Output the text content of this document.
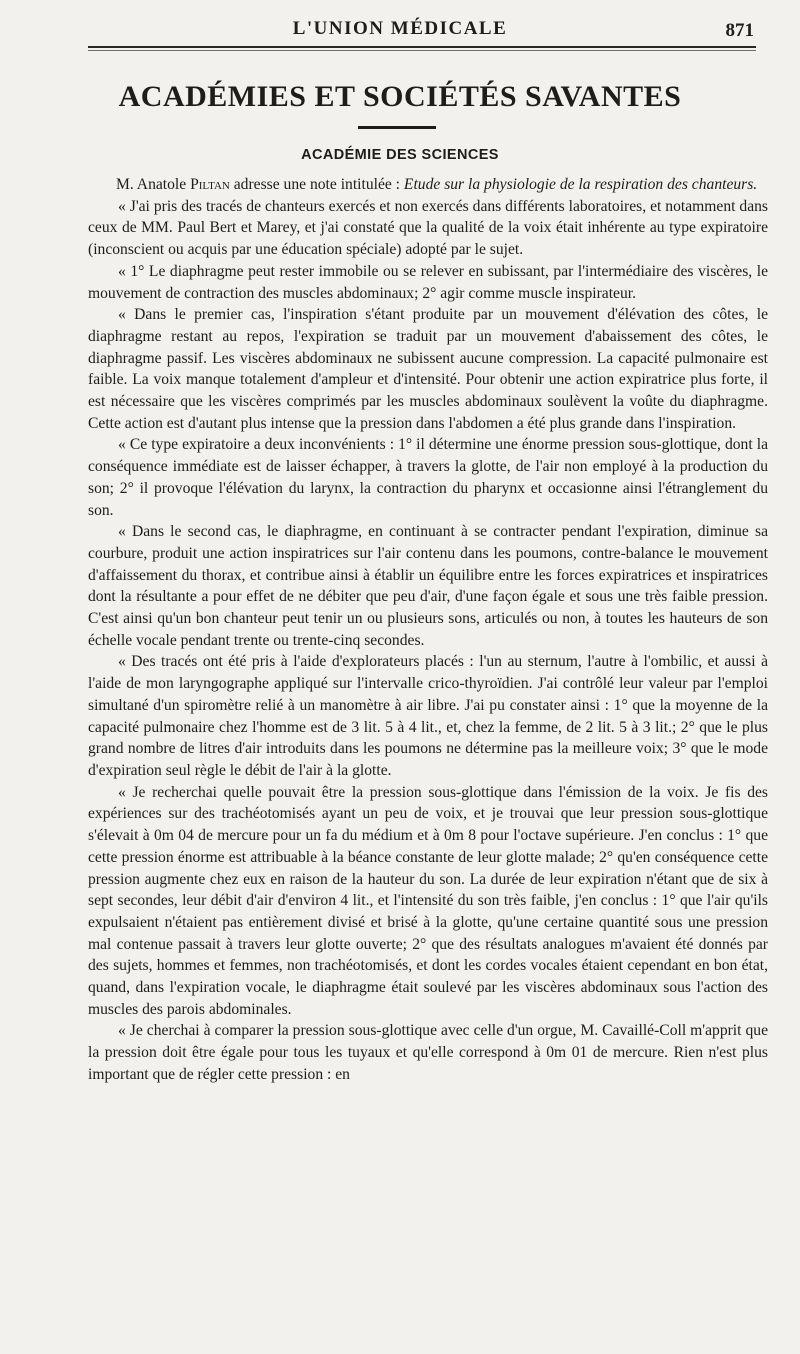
L'UNION MÉDICALE	871
ACADÉMIES ET SOCIÉTÉS SAVANTES
ACADÉMIE DES SCIENCES

M. Anatole Piltan adresse une note intitulée : Etude sur la physiologie de la respiration des chanteurs.

« J'ai pris des tracés de chanteurs exercés et non exercés dans différents laboratoires, et notamment dans ceux de MM. Paul Bert et Marey, et j'ai constaté que la qualité de la voix était inhérente au type expiratoire (inconscient ou acquis par une éducation spéciale) adopté par le sujet.

« 1° Le diaphragme peut rester immobile ou se relever en subissant, par l'intermédiaire des viscères, le mouvement de contraction des muscles abdominaux; 2° agir comme muscle inspirateur.

« Dans le premier cas, l'inspiration s'étant produite par un mouvement d'élévation des côtes, le diaphragme restant au repos, l'expiration se traduit par un mouvement d'abaissement des côtes, le diaphragme passif. Les viscères abdominaux ne subissent aucune compression. La capacité pulmonaire est faible. La voix manque totalement d'ampleur et d'intensité. Pour obtenir une action expiratrice plus forte, il est nécessaire que les viscères comprimés par les muscles abdominaux soulèvent la voûte du diaphragme. Cette action est d'autant plus intense que la pression dans l'abdomen a été plus grande dans l'inspiration.

« Ce type expiratoire a deux inconvénients : 1° il détermine une énorme pression sous-glottique, dont la conséquence immédiate est de laisser échapper, à travers la glotte, de l'air non employé à la production du son; 2° il provoque l'élévation du larynx, la contraction du pharynx et occasionne ainsi l'étranglement du son.

« Dans le second cas, le diaphragme, en continuant à se contracter pendant l'expiration, diminue sa courbure, produit une action inspiratrices sur l'air contenu dans les poumons, contre-balance le mouvement d'affaissement du thorax, et contribue ainsi à établir un équilibre entre les forces expiratrices et inspiratrices dont la résultante a pour effet de ne débiter que peu d'air, d'une façon égale et sous une très faible pression. C'est ainsi qu'un bon chanteur peut tenir un ou plusieurs sons, articulés ou non, à toutes les hauteurs de son échelle vocale pendant trente ou trente-cinq secondes.

« Des tracés ont été pris à l'aide d'explorateurs placés : l'un au sternum, l'autre à l'ombilic, et aussi à l'aide de mon laryngographe appliqué sur l'intervalle crico-thyroïdien. J'ai contrôlé leur valeur par l'emploi simultané d'un spiromètre relié à un manomètre à air libre. J'ai pu constater ainsi : 1° que la moyenne de la capacité pulmonaire chez l'homme est de 3 lit. 5 à 4 lit., et, chez la femme, de 2 lit. 5 à 3 lit.; 2° que le plus grand nombre de litres d'air introduits dans les poumons ne détermine pas la meilleure voix; 3° que le mode d'expiration seul règle le débit de l'air à la glotte.

« Je recherchai quelle pouvait être la pression sous-glottique dans l'émission de la voix. Je fis des expériences sur des trachéotomisés ayant un peu de voix, et je trouvai que leur pression sous-glottique s'élevait à 0m 04 de mercure pour un fa du médium et à 0m 8 pour l'octave supérieure. J'en conclus : 1° que cette pression énorme est attribuable à la béance constante de leur glotte malade; 2° qu'en conséquence cette pression augmente chez eux en raison de la hauteur du son. La durée de leur expiration n'étant que de six à sept secondes, leur débit d'air d'environ 4 lit., et l'intensité du son très faible, j'en conclus : 1° que l'air qu'ils expulsaient n'étaient pas entièrement divisé et brisé à la glotte, qu'une certaine quantité sous une pression mal contenue passait à travers leur glotte ouverte; 2° que des résultats analogues m'avaient été donnés par des sujets, hommes et femmes, non trachéotomisés, et dont les cordes vocales étaient cependant en bon état, quand, dans l'expiration vocale, le diaphragme était soulevé par les viscères abdominaux sous l'action des muscles des parois abdominales.

« Je cherchai à comparer la pression sous-glottique avec celle d'un orgue, M. Cavaillé-Coll m'apprit que la pression doit être égale pour tous les tuyaux et qu'elle correspond à 0m 01 de mercure. Rien n'est plus important que de régler cette pression : en
